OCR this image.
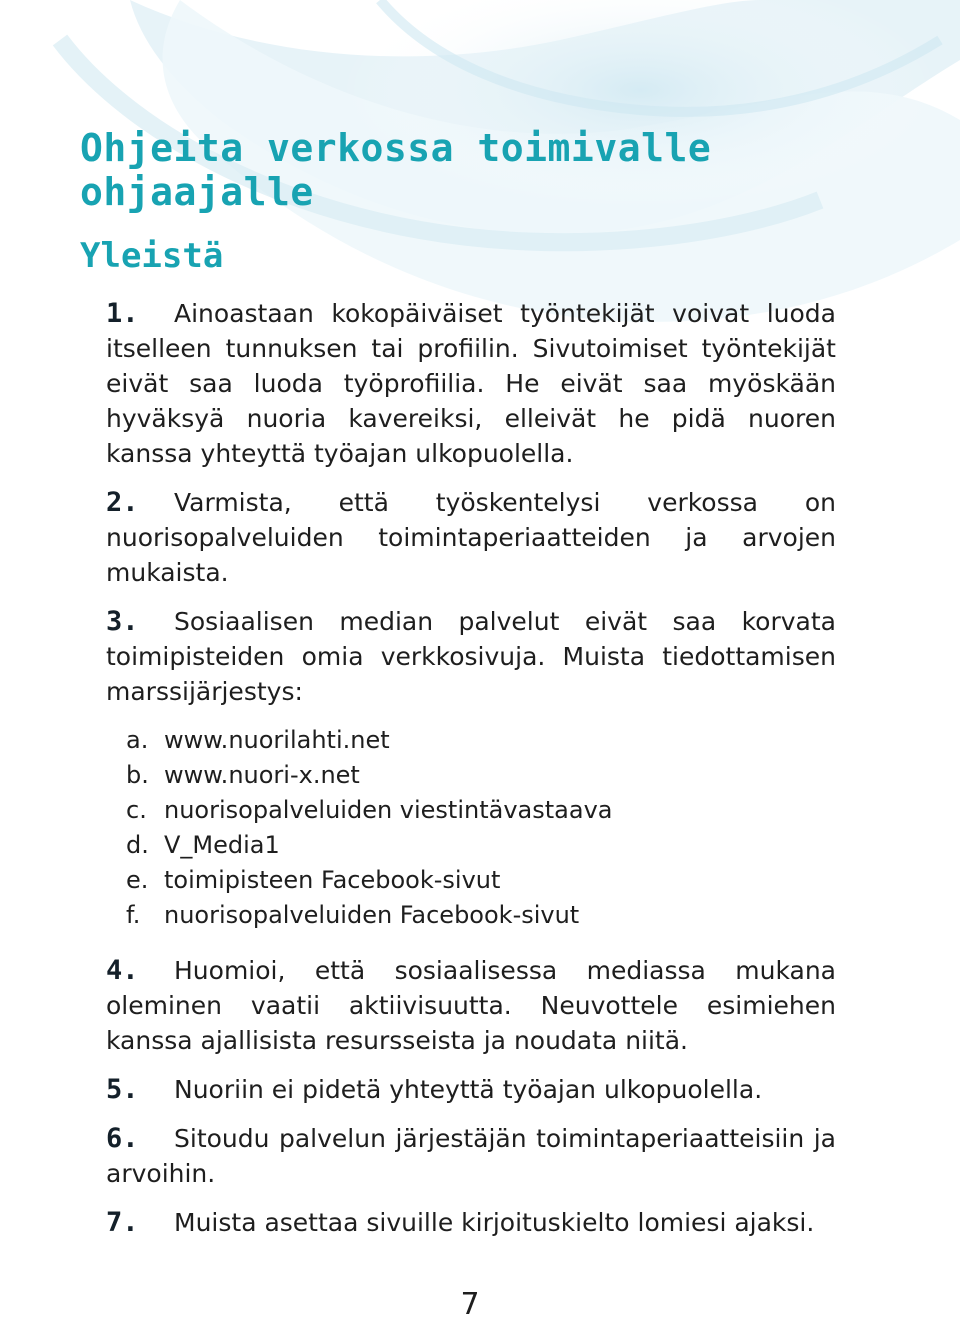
Ohjeita verkossa toimivalle ohjaajalle
Yleistä

1. Ainoastaan kokopäiväiset työntekijät voivat luoda itselleen tunnuksen tai profiilin. Sivutoimiset työntekijät eivät saa luoda työprofiilia. He eivät saa myöskään hyväksyä nuoria kavereiksi, elleivät he pidä nuoren kanssa yhteyttä työajan ulkopuolella.

2. Varmista, että työskentelysi verkossa on nuorisopalveluiden toimintaperiaatteiden ja arvojen mukaista.

3. Sosiaalisen median palvelut eivät saa korvata toimipisteiden omia verkkosivuja. Muista tiedottamisen marssijärjestys:

a. www.nuorilahti.net
b. www.nuori-x.net
c. nuorisopalveluiden viestintävastaava
d. V_Media1
e. toimipisteen Facebook-sivut
f. nuorisopalveluiden Facebook-sivut

4. Huomioi, että sosiaalisessa mediassa mukana oleminen vaatii aktiivisuutta. Neuvottele esimiehen kanssa ajallisista resursseista ja noudata niitä.

5. Nuoriin ei pidetä yhteyttä työajan ulkopuolella.

6. Sitoudu palvelun järjestäjän toimintaperiaatteisiin ja arvoihin.

7. Muista asettaa sivuille kirjoituskielto lomiesi ajaksi.

7
